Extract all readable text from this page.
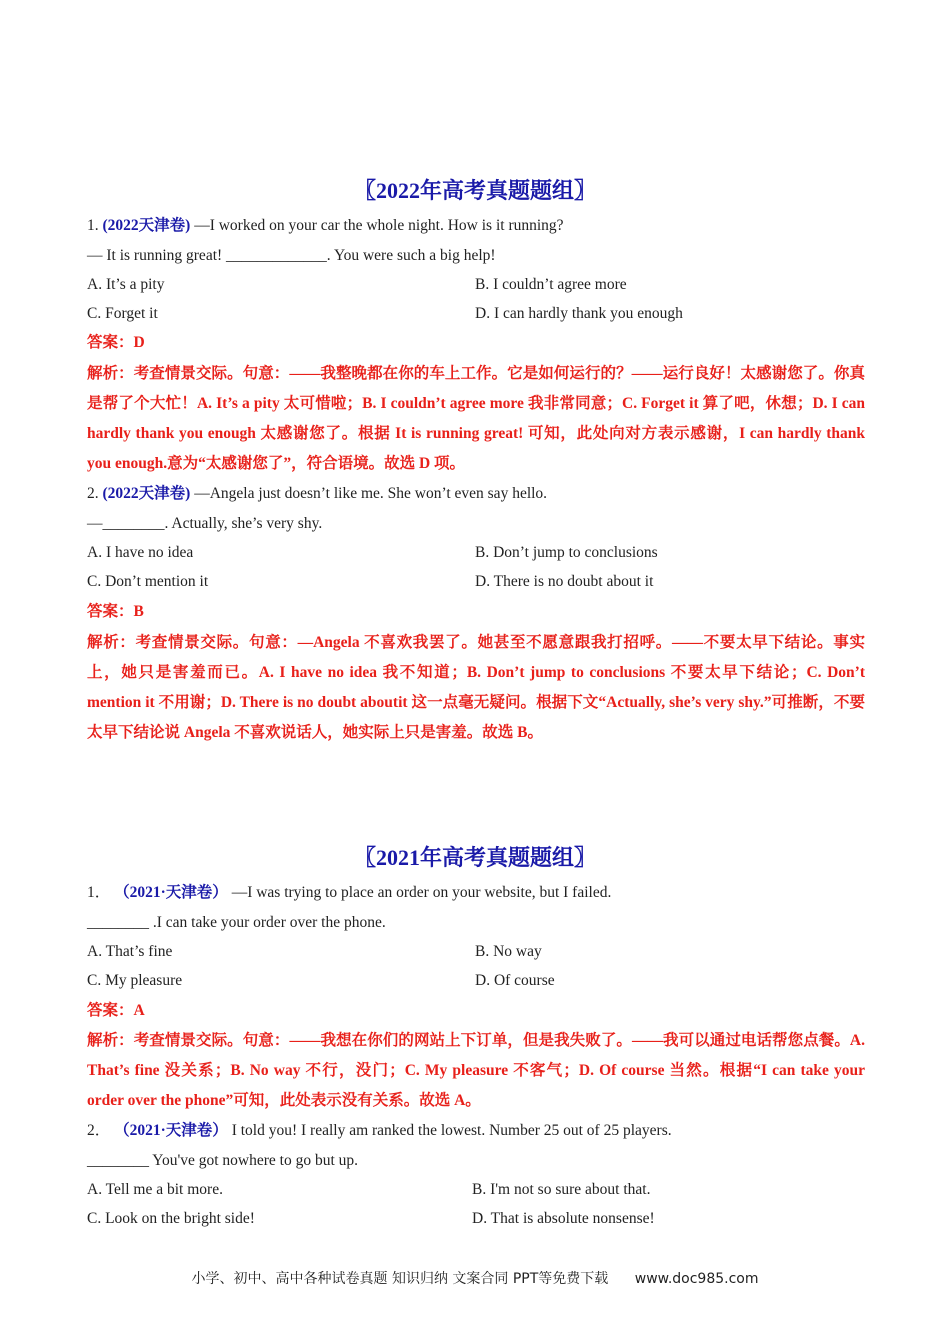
〖2022年高考真题题组〗
1. (2022天津卷) —I worked on your car the whole night. How is it running?
— It is running great! _____________. You were such a big help!
A. It’s a pity	B. I couldn’t agree more
C. Forget it	D. I can hardly thank you enough
答案：D
解析：考查情景交际。句意：——我整晚都在你的车上工作。它是如何运行的？——运行良好！太感谢您了。你真是帮了个大忙！A. It’s a pity 太可惜啦；B. I couldn’t agree more 我非常同意；C. Forget it 算了吧，休想；D. I can hardly thank you enough 太感谢您了。根据 It is running great! 可知，此处向对方表示感谢，I can hardly thank you enough.意为“太感谢您了”，符合语境。故选 D 项。
2. (2022天津卷) —Angela just doesn’t like me. She won’t even say hello.
—________. Actually, she’s very shy.
A. I have no idea	B. Don’t jump to conclusions
C. Don’t mention it	D. There is no doubt about it
答案：B
解析：考查情景交际。句意：—Angela 不喜欢我罢了。她甚至不愿意跟我打招呼。——不要太早下结论。事实上，她只是害羞而已。A. I have no idea 我不知道；B. Don’t jump to conclusions 不要太早下结论；C. Don’t mention it 不用谢；D. There is no doubt aboutit 这一点毫无疑问。根据下文“Actually, she’s very shy.”可推断，不要太早下结论说 Angela 不喜欢说话人，她实际上只是害羞。故选 B。
〖2021年高考真题题组〗
1． （2021·天津卷） —I was trying to place an order on your website, but I failed.
________ .I can take your order over the phone.
A. That’s fine	B. No way
C. My pleasure	D. Of course
答案：A
解析：考查情景交际。句意：——我想在你们的网站上下订单，但是我失败了。——我可以通过电话帮您点餐。A. That’s fine 没关系；B. No way 不行，没门；C. My pleasure 不客气；D. Of course 当然。根据“I can take your order over the phone”可知，此处表示没有关系。故选 A。
2． （2021·天津卷） I told you! I really am ranked the lowest. Number 25 out of 25 players.
________ You've got nowhere to go but up.
A. Tell me a bit more.	B. I'm not so sure about that.
C. Look on the bright side!	D. That is absolute nonsense!
小学、初中、高中各种试卷真题 知识归纳 文案合同 PPT等免费下载 www.doc985.com
